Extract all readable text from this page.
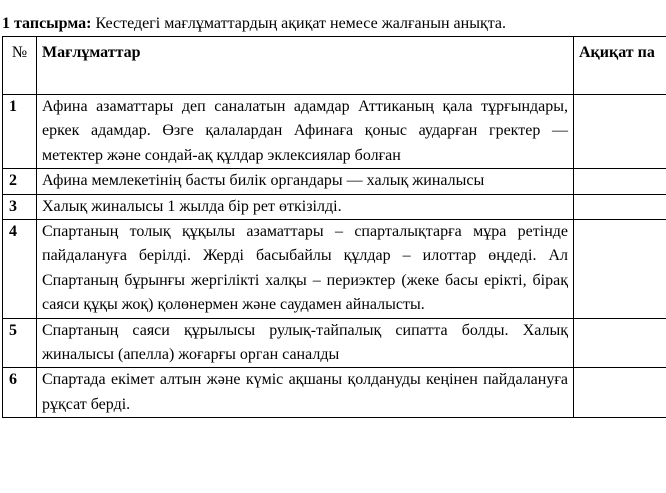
1 тапсырма: Кестедегі мағлұматтардың ақиқат немесе жалғанын анықта.
№	Мағлұматтар	Ақиқат па
1	Афина азаматтары деп саналатын адамдар Аттиканың қала тұрғындары, еркек адамдар. Өзге қалалардан Афинаға қоныс аударған гректер — метектер және сондай-ақ құлдар эклексиялар болған	
2	Афина мемлекетінің басты билік органдары — халық жиналысы	
3	Халық жиналысы 1 жылда бір рет өткізілді.	
4	Спартаның толық құқылы азаматтары – спарталықтарға мұра ретінде пайдалануға берілді. Жерді басыбайлы құлдар – илоттар өңдеді. Ал Спартаның бұрынғы жергілікті халқы – периэктер (жеке басы ерікті, бірақ саяси құқы жоқ) қолөнермен және саудамен айналысты.	
5	Спартаның саяси құрылысы рулық-тайпалық сипатта болды. Халық жиналысы (апелла) жоғарғы орган саналды	
6	Спартада екімет алтын және күміс ақшаны қолдануды кеңінен пайдалануға рұқсат берді.	
